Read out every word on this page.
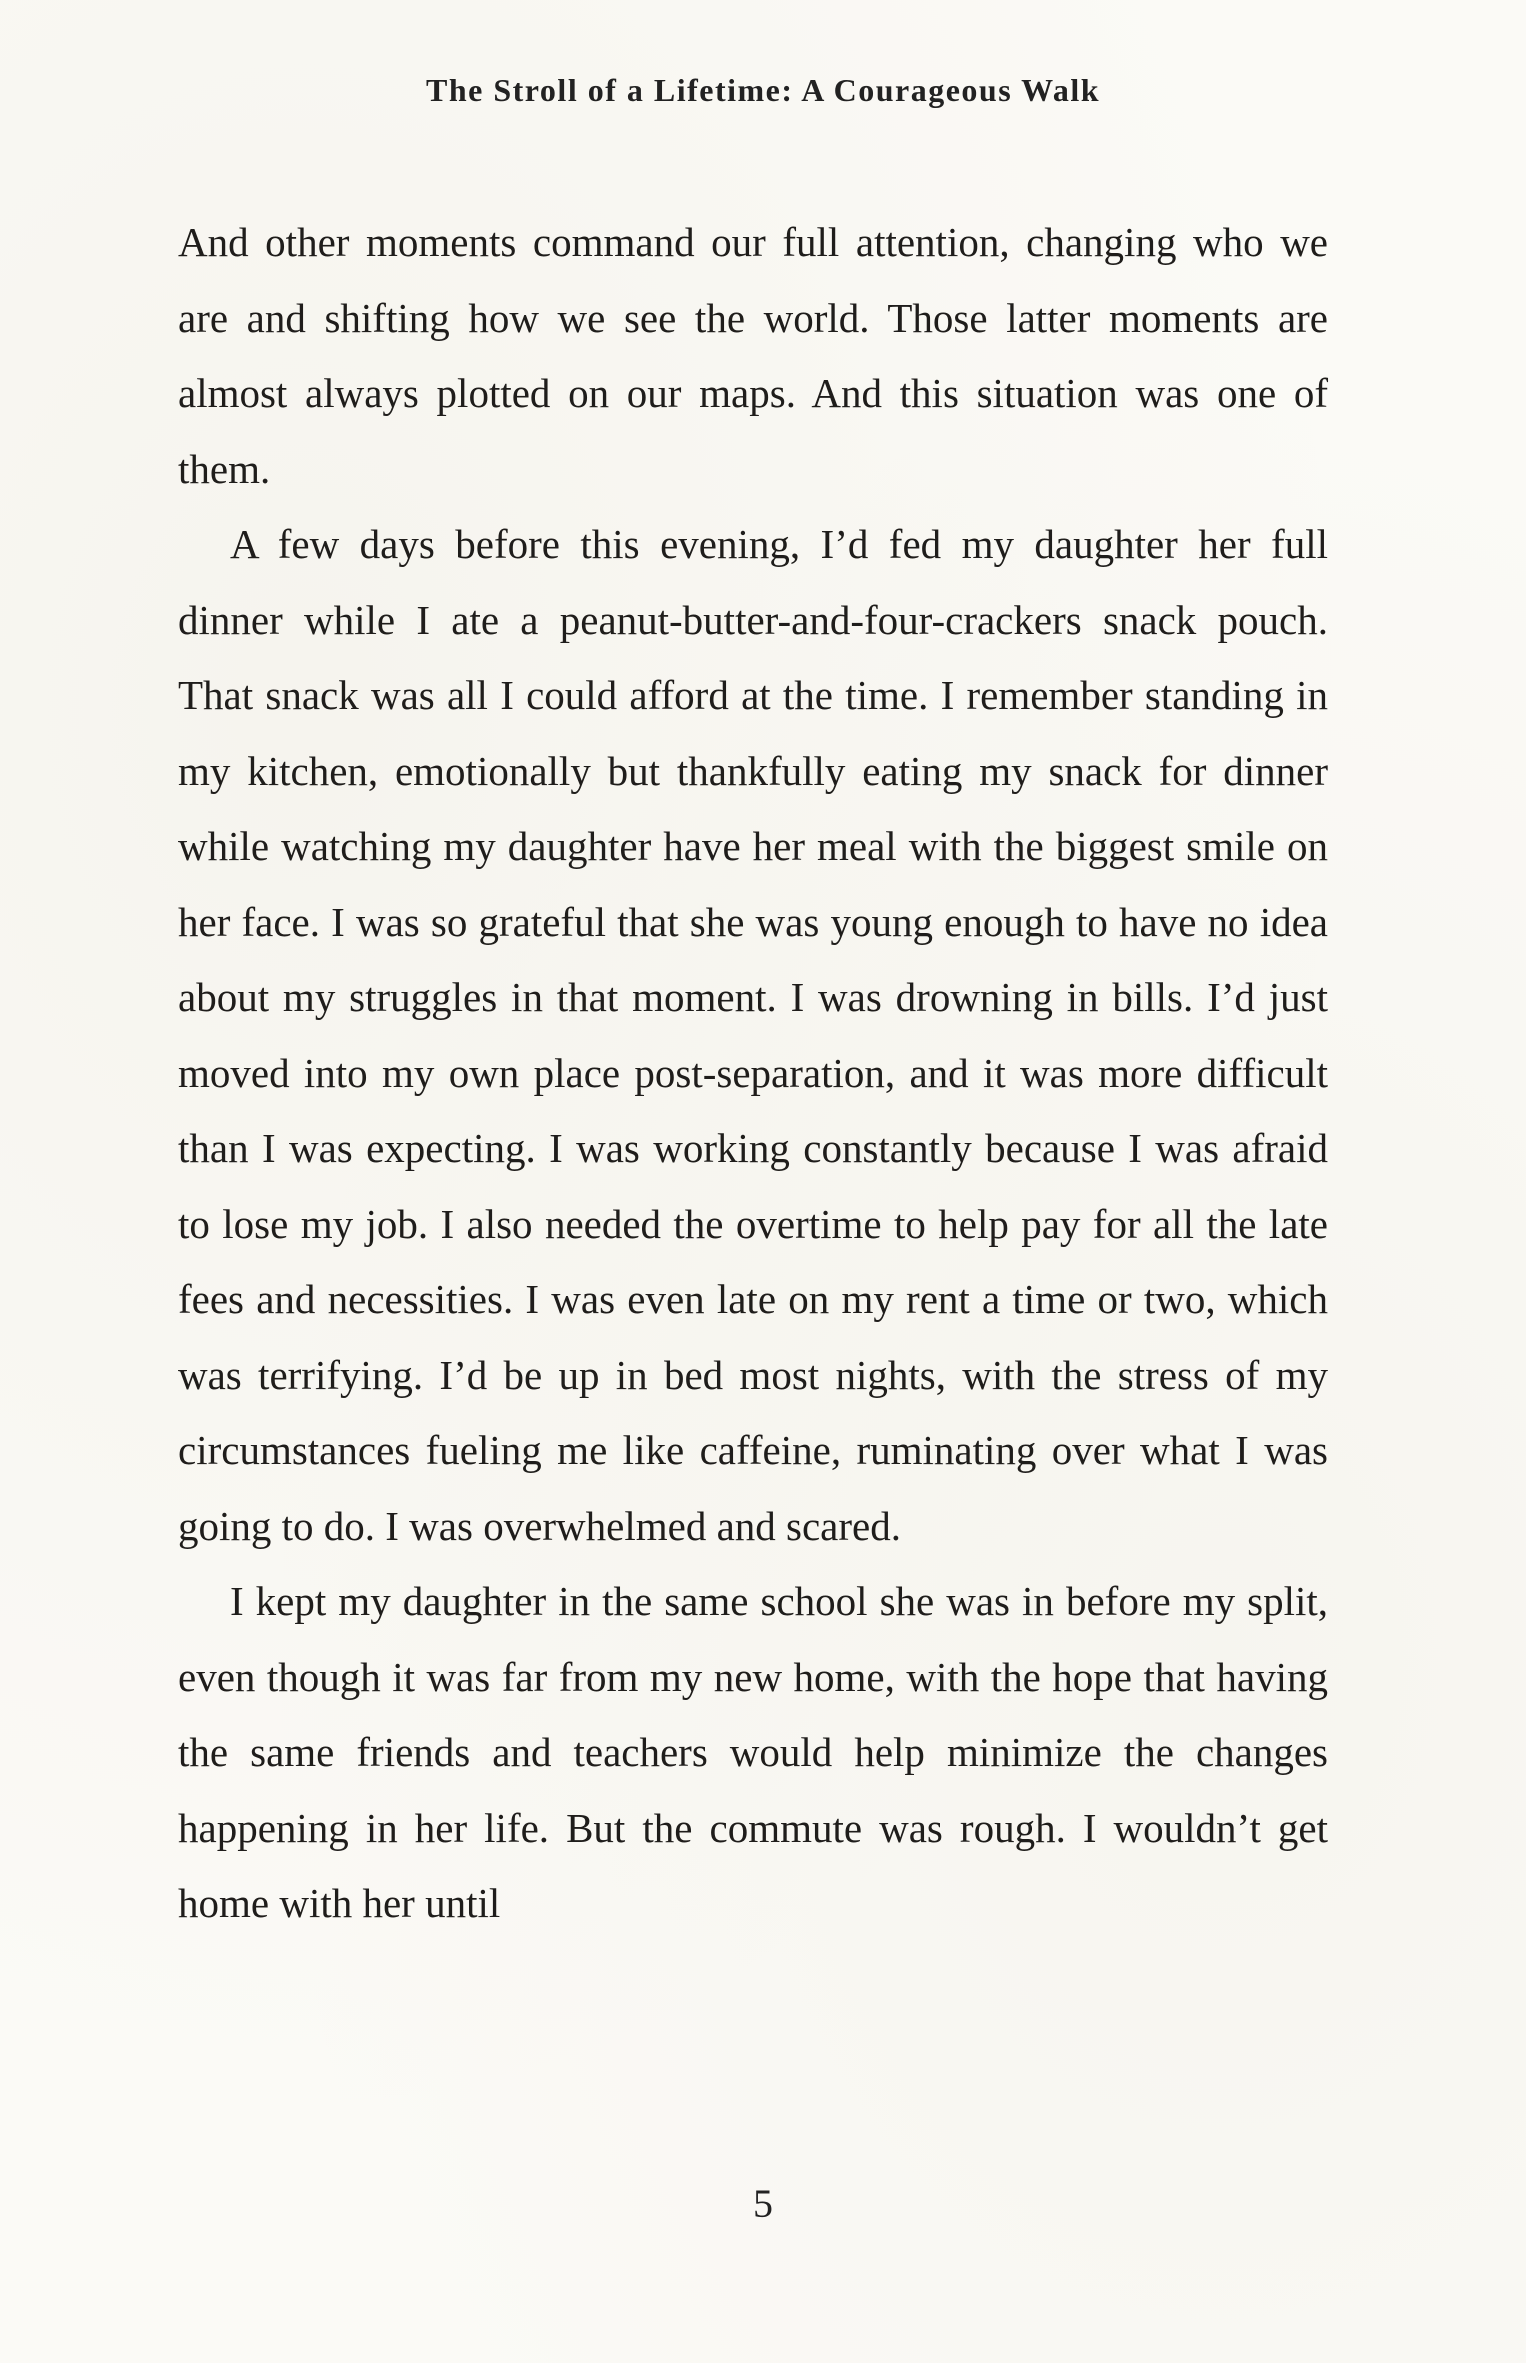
The Stroll of a Lifetime: A Courageous Walk

And other moments command our full attention, changing who we are and shifting how we see the world. Those latter moments are almost always plotted on our maps. And this situation was one of them.

A few days before this evening, I’d fed my daughter her full dinner while I ate a peanut-butter-and-four-crackers snack pouch. That snack was all I could afford at the time. I remember standing in my kitchen, emotionally but thankfully eating my snack for dinner while watching my daughter have her meal with the biggest smile on her face. I was so grateful that she was young enough to have no idea about my struggles in that moment. I was drowning in bills. I’d just moved into my own place post-separation, and it was more difficult than I was expecting. I was working constantly because I was afraid to lose my job. I also needed the overtime to help pay for all the late fees and necessities. I was even late on my rent a time or two, which was terrifying. I’d be up in bed most nights, with the stress of my circumstances fueling me like caffeine, ruminating over what I was going to do. I was overwhelmed and scared.

I kept my daughter in the same school she was in before my split, even though it was far from my new home, with the hope that having the same friends and teachers would help minimize the changes happening in her life. But the commute was rough. I wouldn’t get home with her until

5
